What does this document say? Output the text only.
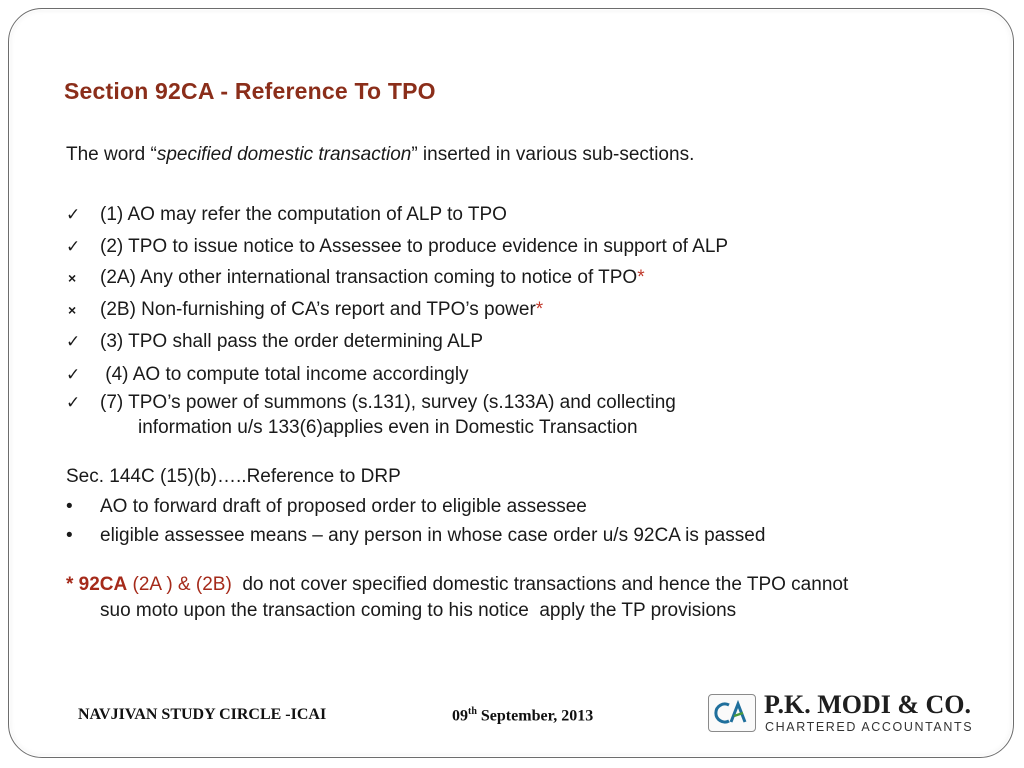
Section 92CA - Reference To TPO
The word “specified domestic transaction” inserted in various sub-sections.
✓ (1) AO may refer the computation of ALP to TPO
✓ (2) TPO to issue notice to Assessee to produce evidence in support of ALP
× (2A) Any other international transaction coming to notice of TPO*
× (2B) Non-furnishing of CA’s report and TPO’s power*
✓ (3) TPO shall pass the order determining ALP
✓ (4) AO to compute total income accordingly
✓ (7) TPO’s power of summons (s.131), survey (s.133A) and collecting
information u/s 133(6)applies even in Domestic Transaction
Sec. 144C (15)(b)…..Reference to DRP
• AO to forward draft of proposed order to eligible assessee
• eligible assessee means – any person in whose case order u/s 92CA is passed
* 92CA (2A ) & (2B)  do not cover specified domestic transactions and hence the TPO cannot
suo moto upon the transaction coming to his notice  apply the TP provisions
NAVJIVAN STUDY CIRCLE -ICAI	09th September, 2013
CA
P.K. MODI & CO.
CHARTERED ACCOUNTANTS
